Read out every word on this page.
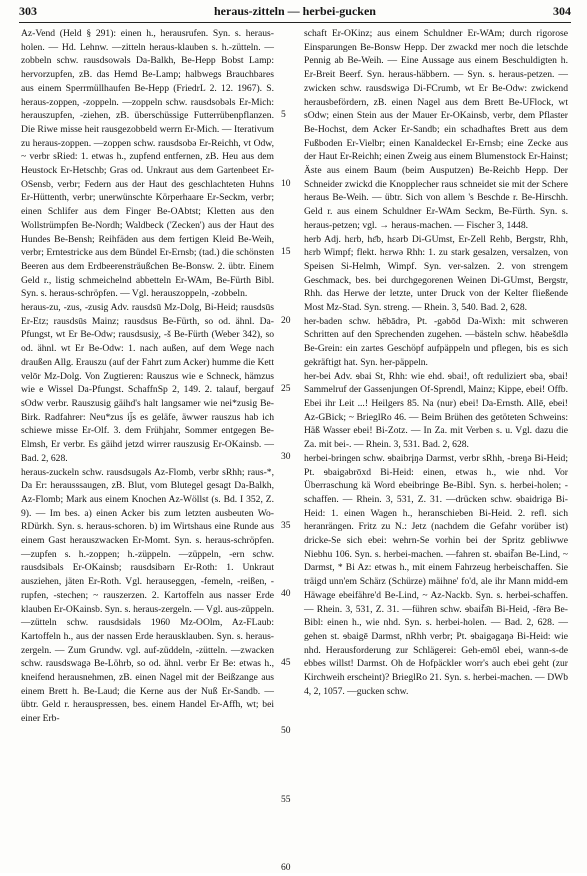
303	heraus-zitteln — herbei-gucken	304

Az-Vend (Held § 291): einen h., herausrufen. Syn. s. heraus-holen. — Hd. Lehnw. —zitteln heraus-klauben s. h.-zütteln. —zobbeln schw. rausdsowəls Da-Balkh, Be-Hepp Bobst Lamp: hervorzupfen, zB. das Hemd Be-Lamp; halbwegs Brauchbares aus einem Sperrmüllhaufen Be-Hepp (FriedrL 2. 12. 1967). S. heraus-zoppen, -zoppeln. —zoppeln schw. rausdsobəls Er-Mich: herauszupfen, -ziehen, zB. überschüssige Futterrübenpflanzen. Die Riwe misse heit rausgezobbeld werrn Er-Mich. — Iterativum zu heraus-zoppen. —zoppen schw. rausdsobə Er-Reichh, vt Odw, ~ verbr sRied: 1. etwas h., zupfend entfernen, zB. Heu aus dem Heustock Er-Hetschb; Gras od. Unkraut aus dem Gartenbeet Er-OSensb, verbr; Federn aus der Haut des geschlachteten Huhns Er-Hüttenth, verbr; unerwünschte Körperhaare Er-Seckm, verbr; einen Schlifer aus dem Finger Be-OAbtst; Kletten aus den Wollstrümpfen Be-Nordh; Waldbeck ('Zecken') aus der Haut des Hundes Be-Bensh; Reihfäden aus dem fertigen Kleid Be-Weih, verbr; Erntestricke aus dem Bündel Er-Ernsb; (tad.) die schönsten Beeren aus dem Erdbeerensträußchen Be-Bonsw. 2. übtr. Einem Geld r., listig schmeichelnd abbetteln Er-WAm, Be-Fürth Bibl. Syn. s. heraus-schröpfen. — Vgl. herauszoppeln, -zobbeln.

heraus-zu, -zus, -zusig Adv. rausdsū Mz-Dolg, Bi-Heid; rausdsūs Er-Etz; rausdsūs Mainz; rausdsus Be-Fürth, so od. ähnl. Da-Pfungst, wt Er Be-Odw; rausdsusiχ, -š Be-Fürth (Weber 342), so od. ähnl. wt Er Be-Odw: 1. nach außen, auf dem Wege nach draußen Allg. Erauszu (auf der Fahrt zum Acker) humme die Kett velōr Mz-Dolg. Von Zugtieren: Rauszus wie e Schneck, hämzus wie e Wissel Da-Pfungst. SchaffnSp 2, 149. 2. talauf, bergauf sOdw verbr. Rauszusig gäihd's halt langsamer wie nei*zusig Be-Birk. Radfahrer: Neu*zus ij̄s es geläfe, äwwer rauszus hab ich schiewe misse Er-Olf. 3. dem Frühjahr, Sommer entgegen Be-Elmsh, Er verbr. Es gäihd jetzd wirrer rauszusig Er-OKainsb. — Bad. 2, 628.

heraus-zuckeln schw. rausdsugəls Az-Flomb, verbr sRhh; raus-*, Da Er: herausssaugen, zB. Blut, vom Blutegel gesagt Da-Balkh, Az-Flomb; Mark aus einem Knochen Az-Wöllst (s. Bd. I 352, Z. 9). — Im bes. a) einen Acker bis zum letzten ausbeuten Wo-RDürkh. Syn. s. heraus-schoren. b) im Wirtshaus eine Runde aus einem Gast herauszwacken Er-Momt. Syn. s. heraus-schröpfen. —zupfen s. h.-zoppen; h.-züppeln. —züppeln, -ern schw. rausdsibəls Er-OKainsb; rausdsibərn Er-Roth: 1. Unkraut ausziehen, jäten Er-Roth. Vgl. herauseggen, -femeln, -reißen, -rupfen, -stechen; ~ rauszerzen. 2. Kartoffeln aus nasser Erde klauben Er-OKainsb. Syn. s. heraus-zergeln. — Vgl. aus-züppeln. —zütteln schw. rausdsidəls 1960 Mz-OOlm, Az-FLaub: Kartoffeln h., aus der nassen Erde herausklauben. Syn. s. heraus-zergeln. — Zum Grundw. vgl. auf-züddeln, -zütteln. —zwacken schw. rausdswagə Be-Löhrb, so od. ähnl. verbr Er Be: etwas h., kneifend herausnehmen, zB. einen Nagel mit der Beißzange aus einem Brett h. Be-Laud; die Kerne aus der Nuß Er-Sandb. — übtr. Geld r. herauspressen, bes. einem Handel Er-Affh, wt; bei einer Erb-

5
10
15
20
25
30
35
40
45
50
55
60

schaft Er-OKinz; aus einem Schuldner Er-WAm; durch rigorose Einsparungen Be-Bonsw Hepp. Der zwackd mer noch die letschde Pennig ab Be-Weih. — Eine Aussage aus einem Beschuldigten h. Er-Breit Beerf. Syn. heraus-häbbern. — Syn. s. heraus-petzen. —zwicken schw. rausdswigə Di-FCrumb, wt Er Be-Odw: zwickend herausbefördern, zB. einen Nagel aus dem Brett Be-UFlock, wt sOdw; einen Stein aus der Mauer Er-OKainsb, verbr, dem Pflaster Be-Hochst, dem Acker Er-Sandb; ein schadhaftes Brett aus dem Fußboden Er-Vielbr; einen Kanaldeckel Er-Ernsb; eine Zecke aus der Haut Er-Reichh; einen Zweig aus einem Blumenstock Er-Hainst; Äste aus einem Baum (beim Ausputzen) Be-Reichb Hepp. Der Schneider zwickd die Knopplecher raus schneidet sie mit der Schere heraus Be-Weih. — übtr. Sich von allem 's Beschde r. Be-Hirschh. Geld r. aus einem Schuldner Er-WAm Seckm, Be-Fürth. Syn. s. heraus-petzen; vgl. → heraus-machen. — Fischer 3, 1448.

herb Adj. hɛrb, hɛ̄b, hɛərb Di-GUmst, Er-Zell Rehb, Bergstr, Rhh, hɛrb Wimpf; flekt. hɛrwə Rhh: 1. zu stark gesalzen, versalzen, von Speisen Si-Helmh, Wimpf. Syn. ver-salzen. 2. von strengem Geschmack, bes. bei durchgegorenen Weinen Di-GUmst, Bergstr, Rhh. das Herwe der letzte, unter Druck von der Kelter fließende Most Mz-Stad. Syn. streng. — Rhein. 3, 540. Bad. 2, 628.

her-baden schw. hēbādrə, Pt. -gəbōd Da-Wixh: mit schweren Schritten auf den Sprechenden zugehen. —bästeln schw. hēəbešdlə Be-Grein: ein zartes Geschöpf aufpäppeln und pflegen, bis es sich gekräftigt hat. Syn. her-päppeln.

her-bei Adv. ɘbai St, Rhh: wie ehd. ɘbai!, oft reduliziert ɘba, ɘbai! Sammelruf der Gassenjungen Of-Sprendl, Mainz; Kippe, ebei! Offb. Ebei ihr Leit ...! Heilgers 85. Na (nur) ebei! Da-Ernsth. Allē, ebei! Az-GBick; ~ BrieglRo 46. — Beim Brühen des getöteten Schweins: Häß Wasser ebei! Bi-Zotz. — In Za. mit Verben s. u. Vgl. dazu die Za. mit bei-. — Rhein. 3, 531. Bad. 2, 628.

herbei-bringen schw. ɘbaibrįŋə Darmst, verbr sRhh, -breŋə Bi-Heid; Pt. ɘbaigəbrōxd Bi-Heid: einen, etwas h., wie nhd. Vor Überraschung kä Word ebeibringe Be-Bibl. Syn. s. herbei-holen; -schaffen. — Rhein. 3, 531, Z. 31. —drücken schw. ɘbaidrigə Bi-Heid: 1. einen Wagen h., heranschieben Bi-Heid. 2. refl. sich heranrängen. Fritz zu N.: Jetz (nachdem die Gefahr vorüber ist) dricke-Se sich ebei: wehrn-Se vorhin bei der Spritz gebliwwe Niebhu 106. Syn. s. herbei-machen. —fahren st. ɘbaif̄ən Be-Lind, ~ Darmst, * Bi Az: etwas h., mit einem Fahrzeug herbeischaffen. Sie träigd unn'em Schärz (Schürze) mäihne' fo'd, ale ihr Mann midd-em Häwage ebeifähre'd Be-Lind, ~ Az-Nackb. Syn. s. herbei-schaffen. — Rhein. 3, 531, Z. 31. —führen schw. ɘbaif̄ə̄n Bi-Heid, -fērə Be-Bibl: einen h., wie nhd. Syn. s. herbei-holen. — Bad. 2, 628. —gehen st. ɘbaigē Darmst, nRhh verbr; Pt. ɘbaigəgaŋə Bi-Heid: wie nhd. Herausforderung zur Schlägerei: Geh-emōl ebei, wann-s-de ebbes willst! Darmst. Oh de Hofpäckler worr's auch ebei geht (zur Kirchweih erscheint)? BrieglRo 21. Syn. s. herbei-machen. — DWb 4, 2, 1057. —gucken schw.
